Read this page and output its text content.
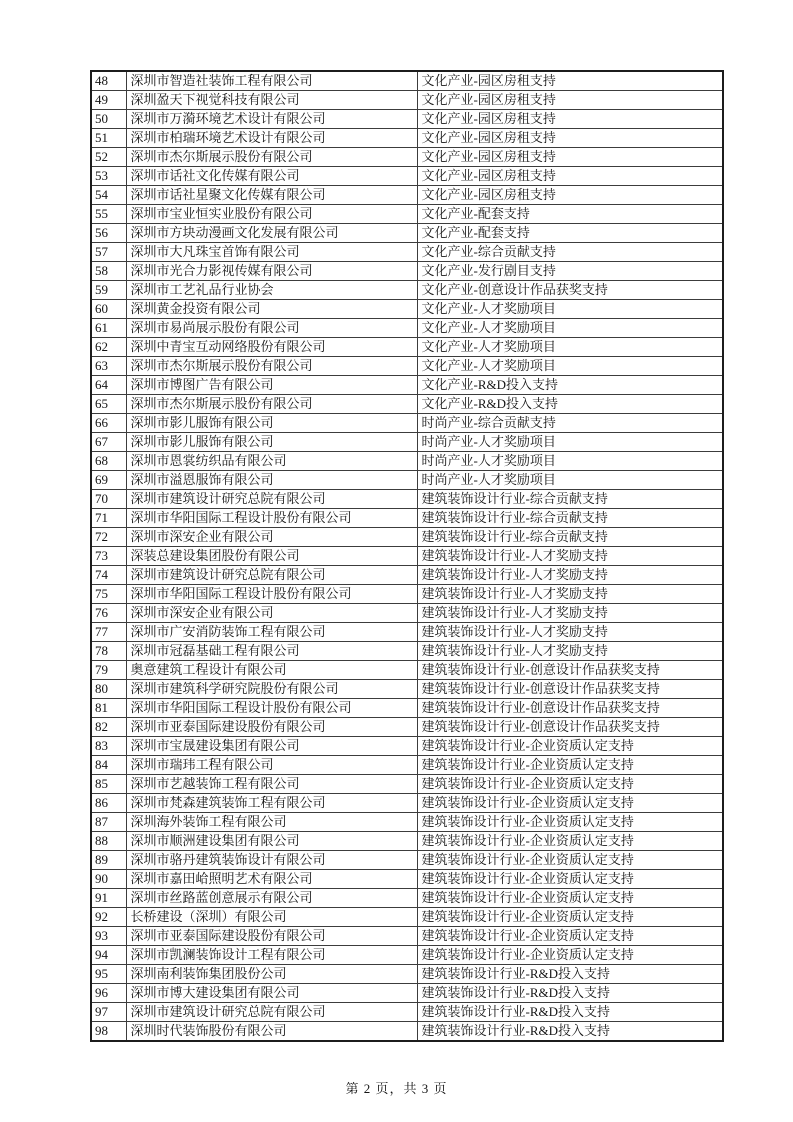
48	深圳市智造社装饰工程有限公司	文化产业-园区房租支持
49	深圳盈天下视觉科技有限公司	文化产业-园区房租支持
50	深圳市万漪环境艺术设计有限公司	文化产业-园区房租支持
51	深圳市柏瑞环境艺术设计有限公司	文化产业-园区房租支持
52	深圳市杰尔斯展示股份有限公司	文化产业-园区房租支持
53	深圳市话社文化传媒有限公司	文化产业-园区房租支持
54	深圳市话社星聚文化传媒有限公司	文化产业-园区房租支持
55	深圳市宝业恒实业股份有限公司	文化产业-配套支持
56	深圳市方块动漫画文化发展有限公司	文化产业-配套支持
57	深圳市大凡珠宝首饰有限公司	文化产业-综合贡献支持
58	深圳市光合力影视传媒有限公司	文化产业-发行剧目支持
59	深圳市工艺礼品行业协会	文化产业-创意设计作品获奖支持
60	深圳黄金投资有限公司	文化产业-人才奖励项目
61	深圳市易尚展示股份有限公司	文化产业-人才奖励项目
62	深圳中青宝互动网络股份有限公司	文化产业-人才奖励项目
63	深圳市杰尔斯展示股份有限公司	文化产业-人才奖励项目
64	深圳市博图广告有限公司	文化产业-R&D投入支持
65	深圳市杰尔斯展示股份有限公司	文化产业-R&D投入支持
66	深圳市影儿服饰有限公司	时尚产业-综合贡献支持
67	深圳市影儿服饰有限公司	时尚产业-人才奖励项目
68	深圳市恩裳纺织品有限公司	时尚产业-人才奖励项目
69	深圳市溢恩服饰有限公司	时尚产业-人才奖励项目
70	深圳市建筑设计研究总院有限公司	建筑装饰设计行业-综合贡献支持
71	深圳市华阳国际工程设计股份有限公司	建筑装饰设计行业-综合贡献支持
72	深圳市深安企业有限公司	建筑装饰设计行业-综合贡献支持
73	深装总建设集团股份有限公司	建筑装饰设计行业-人才奖励支持
74	深圳市建筑设计研究总院有限公司	建筑装饰设计行业-人才奖励支持
75	深圳市华阳国际工程设计股份有限公司	建筑装饰设计行业-人才奖励支持
76	深圳市深安企业有限公司	建筑装饰设计行业-人才奖励支持
77	深圳市广安消防装饰工程有限公司	建筑装饰设计行业-人才奖励支持
78	深圳市冠磊基础工程有限公司	建筑装饰设计行业-人才奖励支持
79	奥意建筑工程设计有限公司	建筑装饰设计行业-创意设计作品获奖支持
80	深圳市建筑科学研究院股份有限公司	建筑装饰设计行业-创意设计作品获奖支持
81	深圳市华阳国际工程设计股份有限公司	建筑装饰设计行业-创意设计作品获奖支持
82	深圳市亚泰国际建设股份有限公司	建筑装饰设计行业-创意设计作品获奖支持
83	深圳市宝晟建设集团有限公司	建筑装饰设计行业-企业资质认定支持
84	深圳市瑞玮工程有限公司	建筑装饰设计行业-企业资质认定支持
85	深圳市艺越装饰工程有限公司	建筑装饰设计行业-企业资质认定支持
86	深圳市梵森建筑装饰工程有限公司	建筑装饰设计行业-企业资质认定支持
87	深圳海外装饰工程有限公司	建筑装饰设计行业-企业资质认定支持
88	深圳市顺洲建设集团有限公司	建筑装饰设计行业-企业资质认定支持
89	深圳市骆丹建筑装饰设计有限公司	建筑装饰设计行业-企业资质认定支持
90	深圳市嘉田峆照明艺术有限公司	建筑装饰设计行业-企业资质认定支持
91	深圳市丝路蓝创意展示有限公司	建筑装饰设计行业-企业资质认定支持
92	长桥建设（深圳）有限公司	建筑装饰设计行业-企业资质认定支持
93	深圳市亚泰国际建设股份有限公司	建筑装饰设计行业-企业资质认定支持
94	深圳市凯澜装饰设计工程有限公司	建筑装饰设计行业-企业资质认定支持
95	深圳南利装饰集团股份公司	建筑装饰设计行业-R&D投入支持
96	深圳市博大建设集团有限公司	建筑装饰设计行业-R&D投入支持
97	深圳市建筑设计研究总院有限公司	建筑装饰设计行业-R&D投入支持
98	深圳时代装饰股份有限公司	建筑装饰设计行业-R&D投入支持
第 2 页，共 3 页
